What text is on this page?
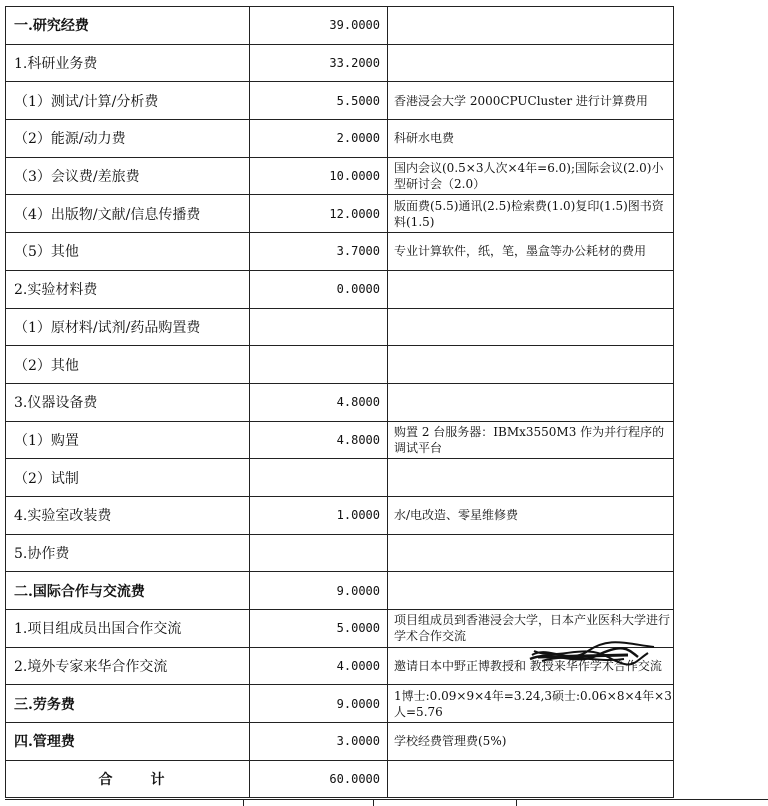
一.研究经费	39.0000	
1.科研业务费	33.2000	
（1）测试/计算/分析费	5.5000	香港浸会大学 2000CPUCluster 进行计算费用
（2）能源/动力费	2.0000	科研水电费
（3）会议费/差旅费	10.0000	国内会议(0.5×3人次×4年=6.0);国际会议(2.0)小型研讨会（2.0）
（4）出版物/文献/信息传播费	12.0000	版面费(5.5)通讯(2.5)检索费(1.0)复印(1.5)图书资料(1.5)
（5）其他	3.7000	专业计算软件，纸，笔，墨盒等办公耗材的费用
2.实验材料费	0.0000	
（1）原材料/试剂/药品购置费		
（2）其他		
3.仪器设备费	4.8000	
（1）购置	4.8000	购置 2 台服务器：IBMx3550M3 作为并行程序的调试平台
（2）试制		
4.实验室改装费	1.0000	水/电改造、零星维修费
5.协作费		
二.国际合作与交流费	9.0000	
1.项目组成员出国合作交流	5.0000	项目组成员到香港浸会大学，日本产业医科大学进行学术合作交流
2.境外专家来华合作交流	4.0000	邀请日本中野正博教授和 教授来华作学术合作交流
三.劳务费	9.0000	1博士:0.09×9×4年=3.24,3硕士:0.06×8×4年×3人=5.76
四.管理费	3.0000	学校经费管理费(5%)
合计	60.0000	
